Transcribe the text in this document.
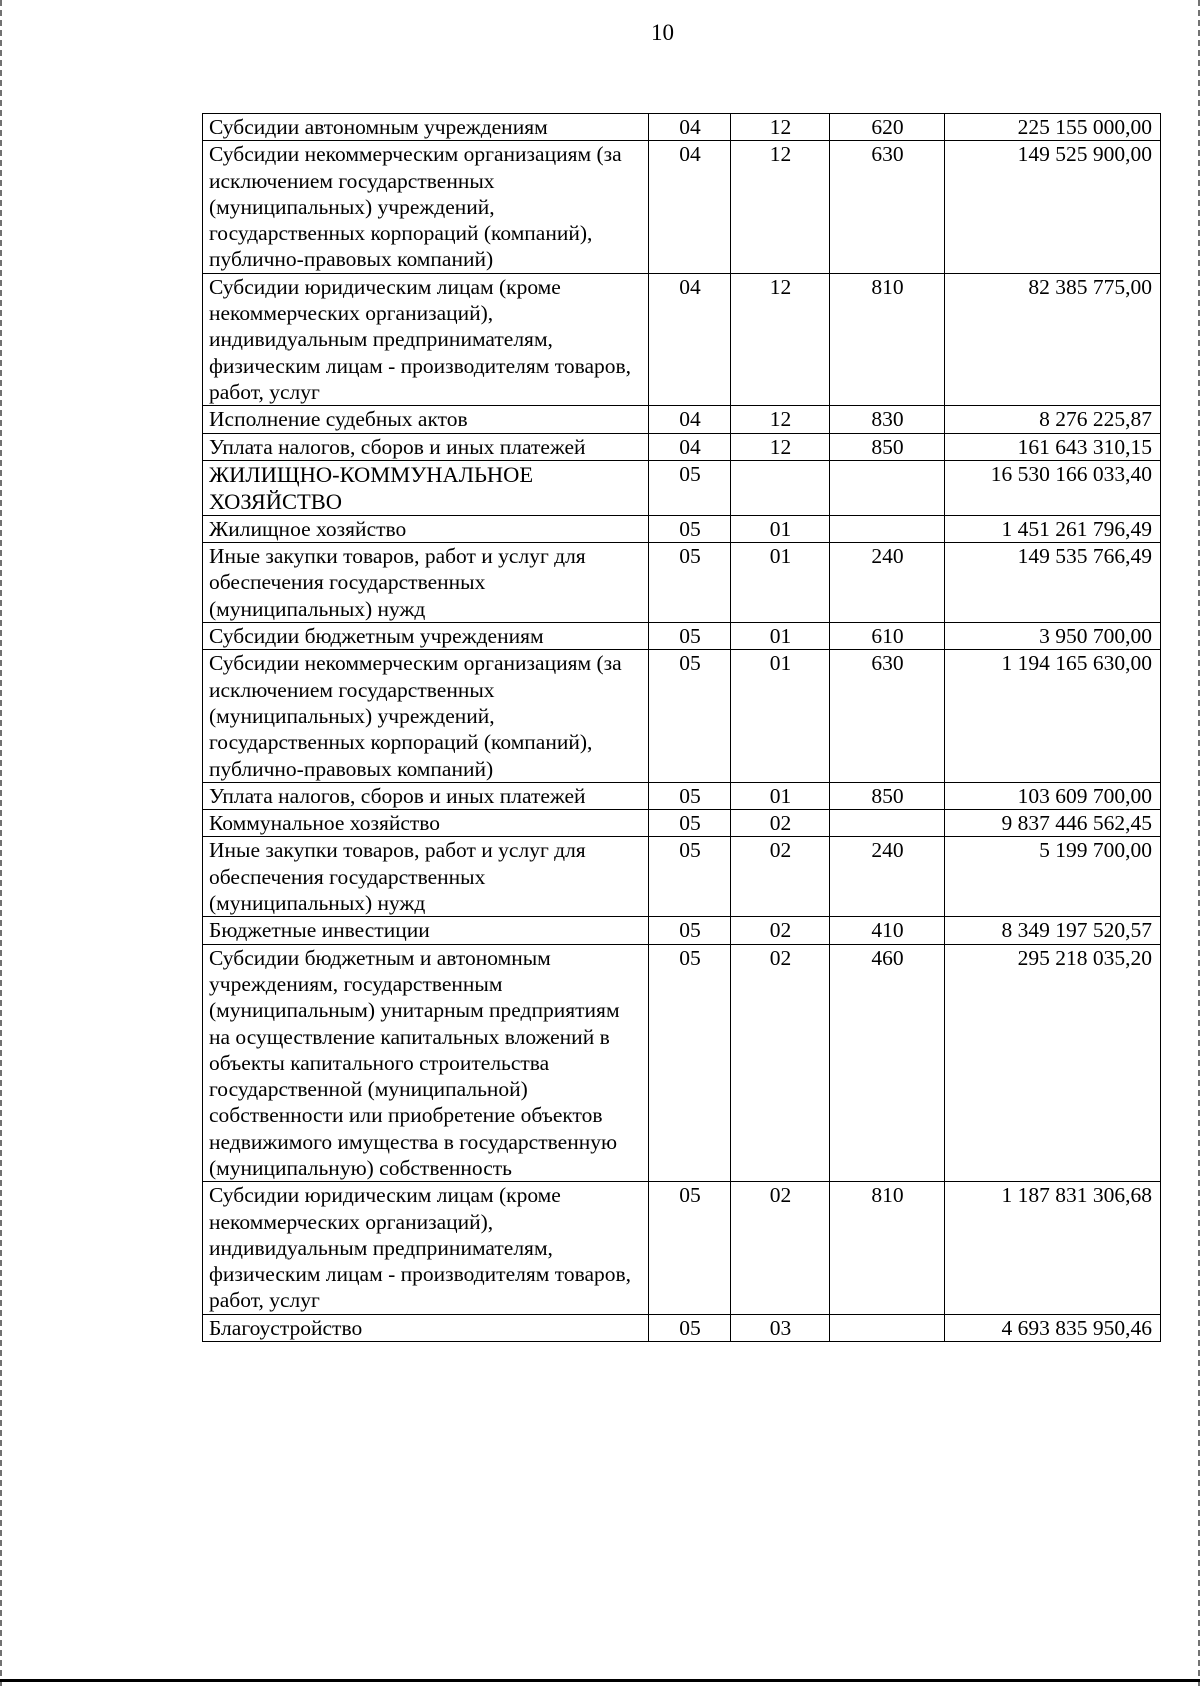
10
Субсидии автономным учреждениям	04	12	620	225 155 000,00
Субсидии некоммерческим организациям (за исключением государственных (муниципальных) учреждений, государственных корпораций (компаний), публично-правовых компаний)	04	12	630	149 525 900,00
Субсидии юридическим лицам (кроме некоммерческих организаций), индивидуальным предпринимателям, физическим лицам - производителям товаров, работ, услуг	04	12	810	82 385 775,00
Исполнение судебных актов	04	12	830	8 276 225,87
Уплата налогов, сборов и иных платежей	04	12	850	161 643 310,15
ЖИЛИЩНО-КОММУНАЛЬНОЕ ХОЗЯЙСТВО	05			16 530 166 033,40
Жилищное хозяйство	05	01		1 451 261 796,49
Иные закупки товаров, работ и услуг для обеспечения государственных (муниципальных) нужд	05	01	240	149 535 766,49
Субсидии бюджетным учреждениям	05	01	610	3 950 700,00
Субсидии некоммерческим организациям (за исключением государственных (муниципальных) учреждений, государственных корпораций (компаний), публично-правовых компаний)	05	01	630	1 194 165 630,00
Уплата налогов, сборов и иных платежей	05	01	850	103 609 700,00
Коммунальное хозяйство	05	02		9 837 446 562,45
Иные закупки товаров, работ и услуг для обеспечения государственных (муниципальных) нужд	05	02	240	5 199 700,00
Бюджетные инвестиции	05	02	410	8 349 197 520,57
Субсидии бюджетным и автономным учреждениям, государственным (муниципальным) унитарным предприятиям на осуществление капитальных вложений в объекты капитального строительства государственной (муниципальной) собственности или приобретение объектов недвижимого имущества в государственную (муниципальную) собственность	05	02	460	295 218 035,20
Субсидии юридическим лицам (кроме некоммерческих организаций), индивидуальным предпринимателям, физическим лицам - производителям товаров, работ, услуг	05	02	810	1 187 831 306,68
Благоустройство	05	03		4 693 835 950,46
